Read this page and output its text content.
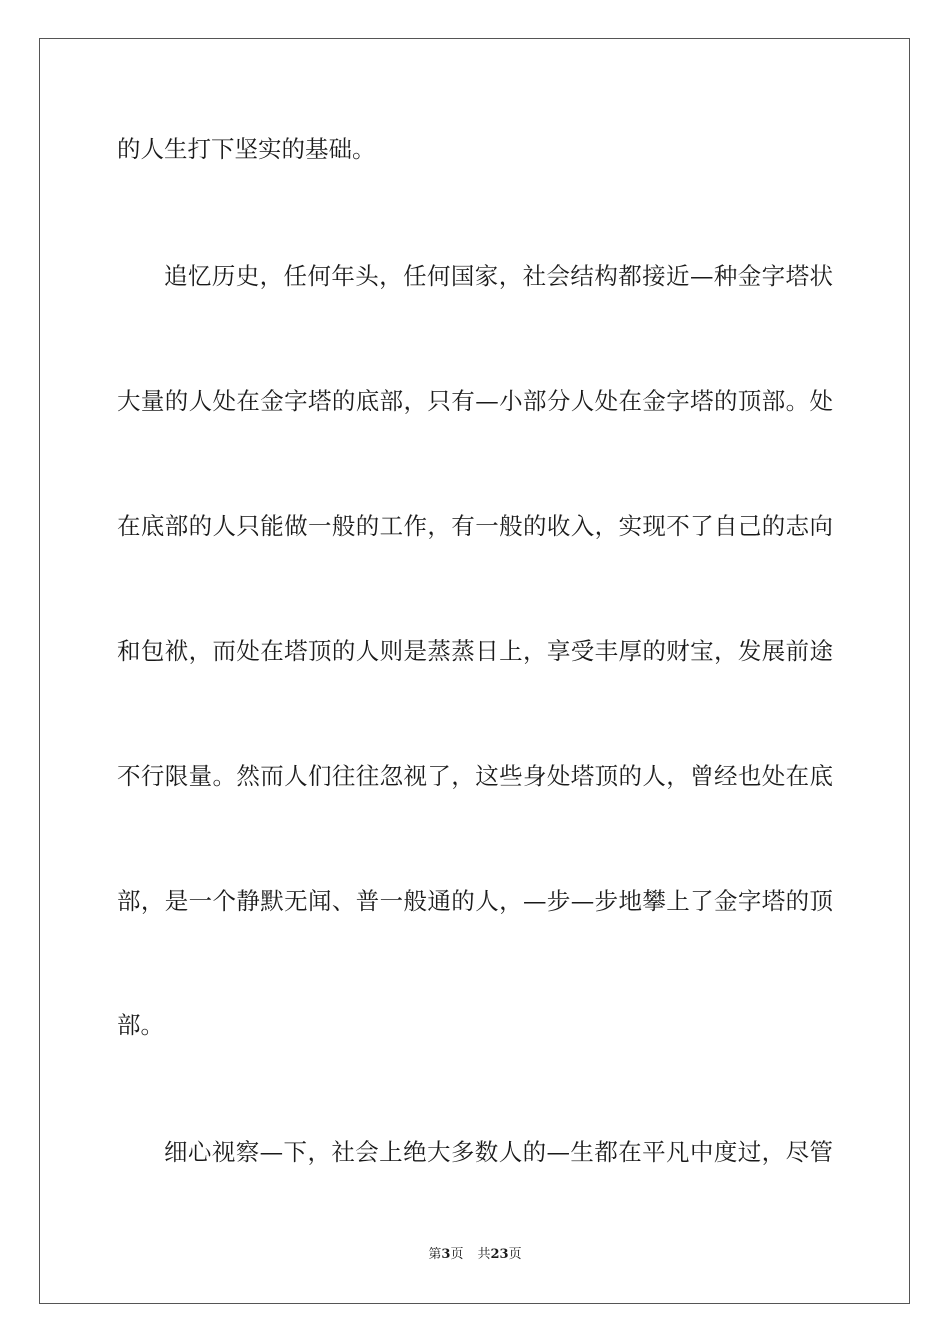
的人生打下坚实的基础。
追忆历史，任何年头，任何国家，社会结构都接近—种金字塔状
大量的人处在金字塔的底部，只有—小部分人处在金字塔的顶部。处
在底部的人只能做一般的工作，有一般的收入，实现不了自己的志向
和包袱，而处在塔顶的人则是蒸蒸日上，享受丰厚的财宝，发展前途
不行限量。然而人们往往忽视了，这些身处塔顶的人，曾经也处在底
部，是一个静默无闻、普一般通的人，—步—步地攀上了金字塔的顶
部。
细心视察—下，社会上绝大多数人的—生都在平凡中度过，尽管
第3页 共23页
